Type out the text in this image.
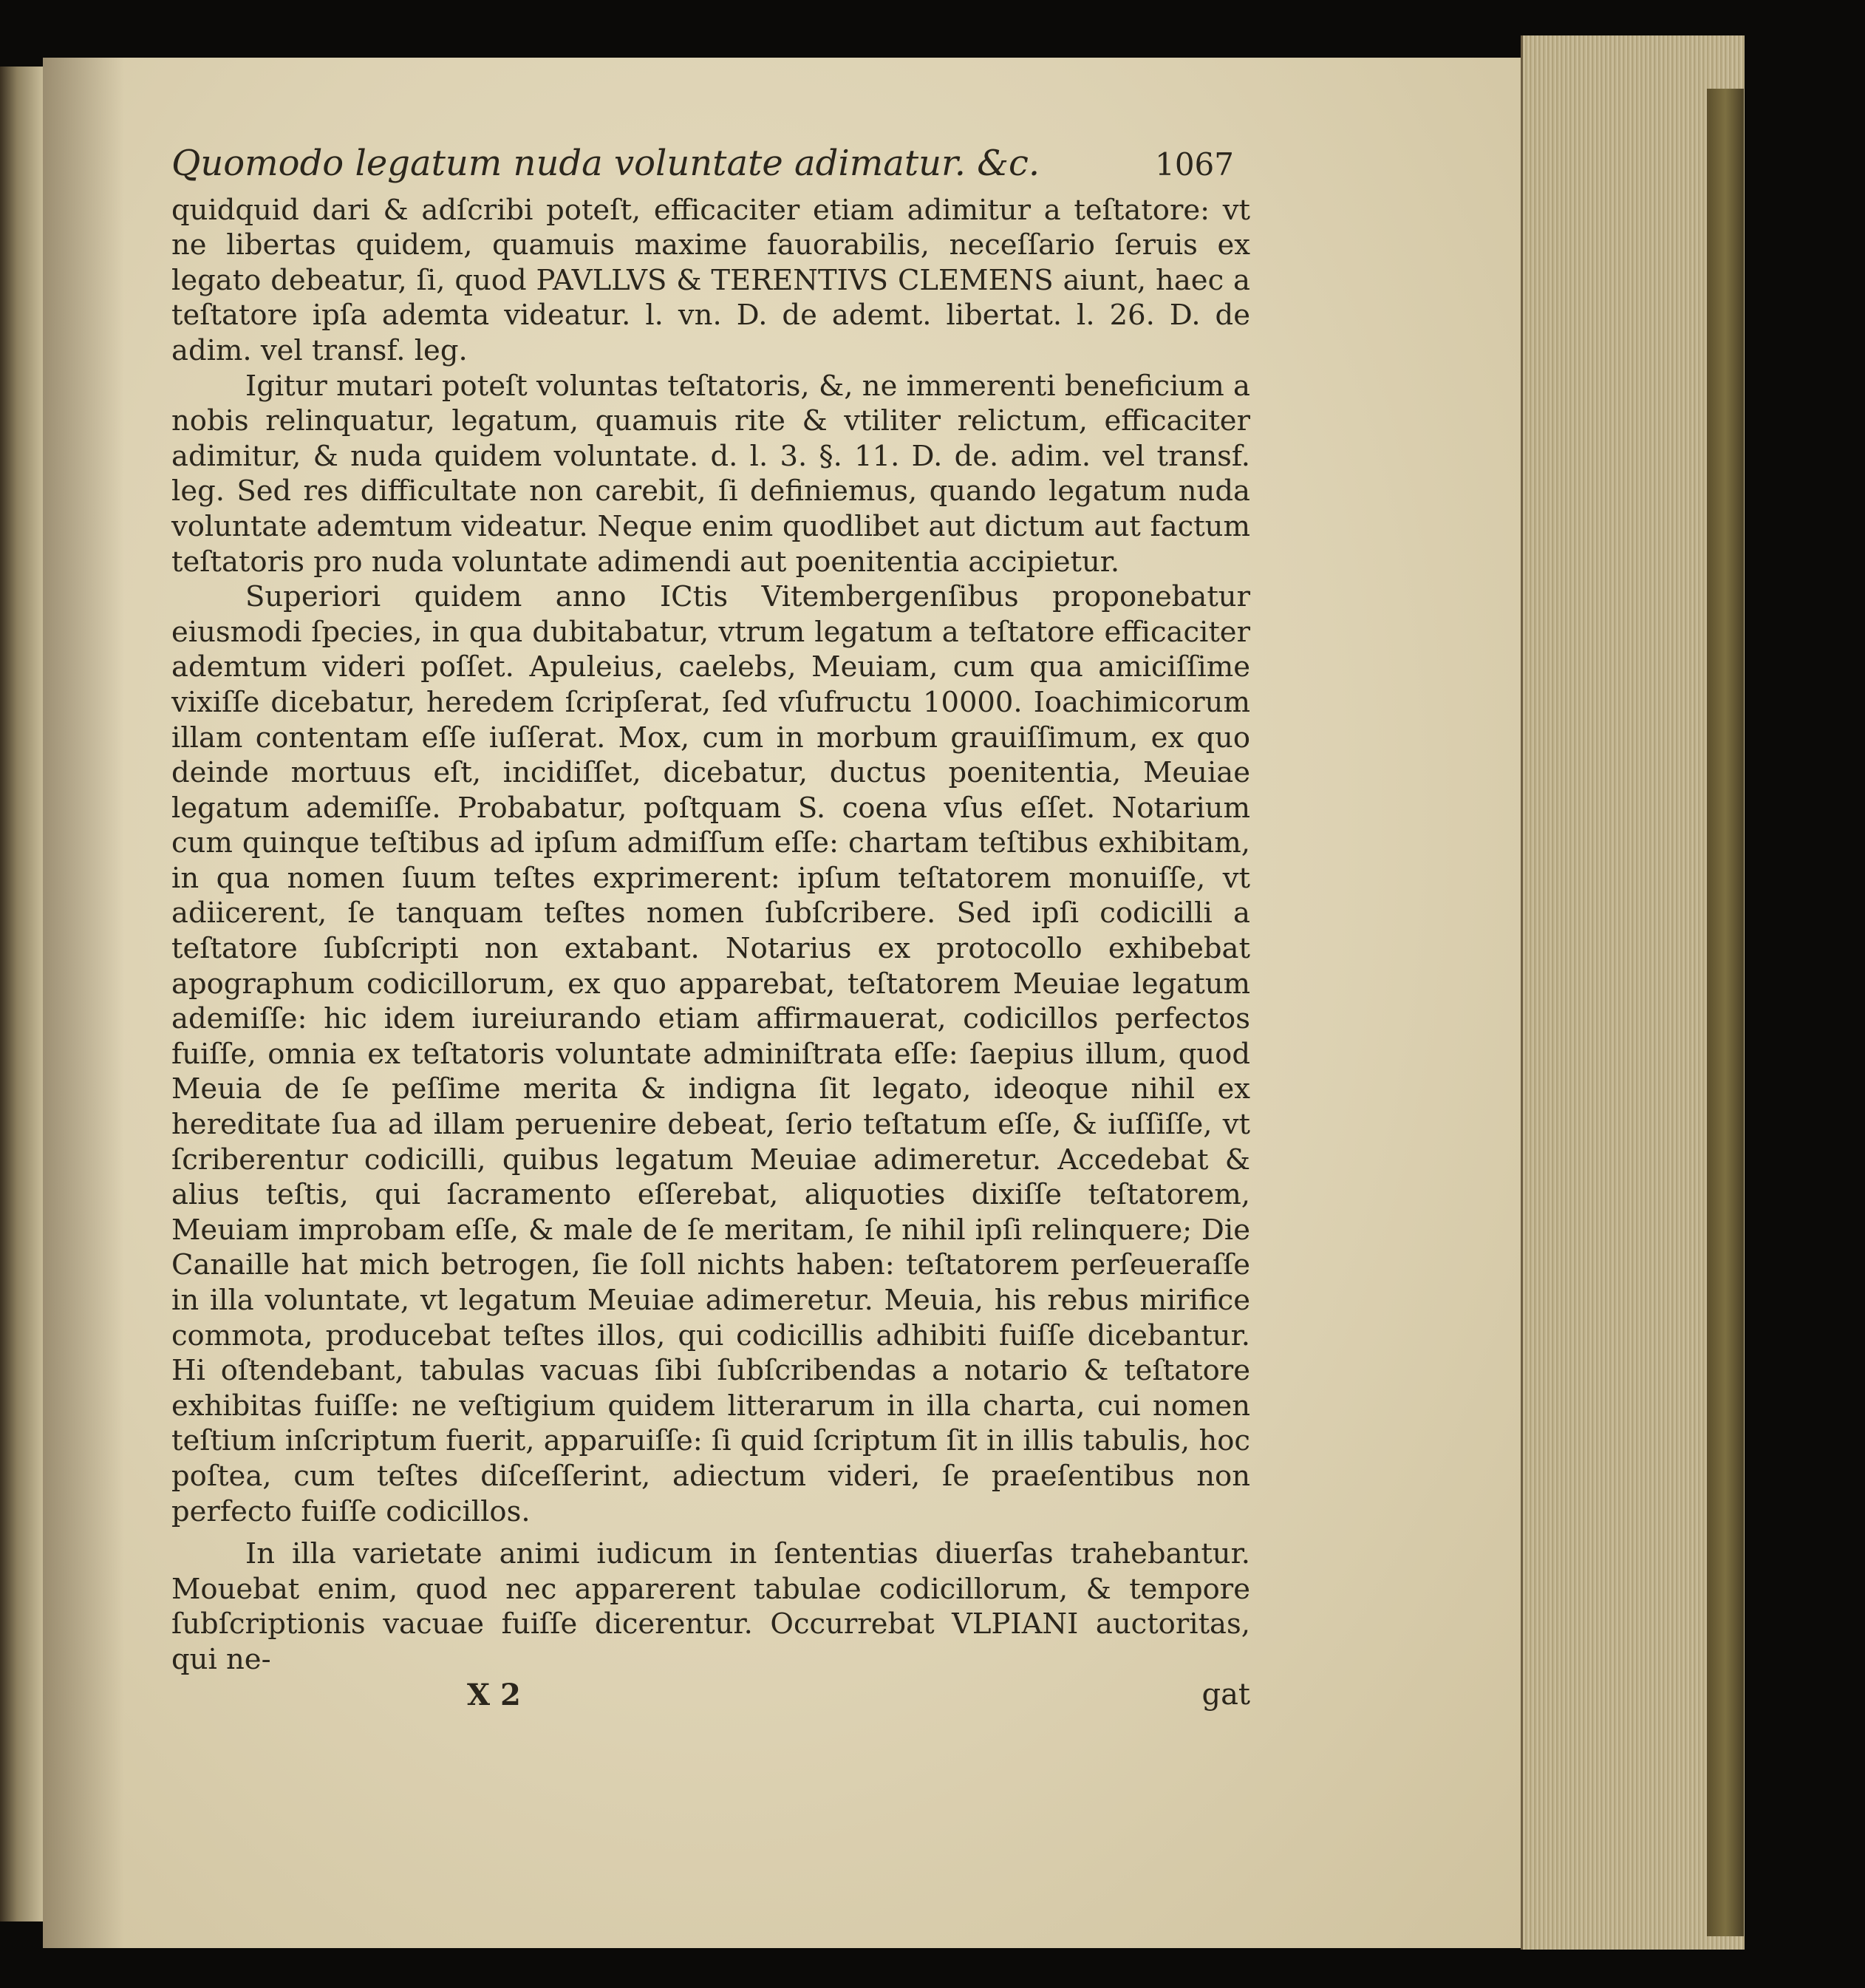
Quomodo legatum nuda voluntate adimatur. &c.	1067

quidquid dari & adſcribi poteſt, efficaciter etiam adimitur a teſtatore: vt ne libertas quidem, quamuis maxime fauorabilis, neceſſario ſeruis ex legato debeatur, ſi, quod PAVLLVS & TERENTIVS CLEMENS aiunt, haec a teſtatore ipſa ademta videatur. l. vn. D. de ademt. libertat. l. 26. D. de adim. vel transf. leg.

Igitur mutari poteſt voluntas teſtatoris, &, ne immerenti beneficium a nobis relinquatur, legatum, quamuis rite & vtiliter relictum, efficaciter adimitur, & nuda quidem voluntate. d. l. 3. §. 11. D. de. adim. vel transf. leg. Sed res difficultate non carebit, ſi definiemus, quando legatum nuda voluntate ademtum videatur. Neque enim quodlibet aut dictum aut factum teſtatoris pro nuda voluntate adimendi aut poenitentia accipietur.

Superiori quidem anno ICtis Vitembergenſibus proponebatur eiusmodi ſpecies, in qua dubitabatur, vtrum legatum a teſtatore efficaciter ademtum videri poſſet. Apuleius, caelebs, Meuiam, cum qua amiciſſime vixiſſe dicebatur, heredem ſcripſerat, ſed vſufructu 10000. Ioachimicorum illam contentam eſſe iuſſerat. Mox, cum in morbum grauiſſimum, ex quo deinde mortuus eſt, incidiſſet, dicebatur, ductus poenitentia, Meuiae legatum ademiſſe. Probabatur, poſtquam S. coena vſus eſſet. Notarium cum quinque teſtibus ad ipſum admiſſum eſſe: chartam teſtibus exhibitam, in qua nomen ſuum teſtes exprimerent: ipſum teſtatorem monuiſſe, vt adiicerent, ſe tanquam teſtes nomen ſubſcribere. Sed ipſi codicilli a teſtatore ſubſcripti non extabant. Notarius ex protocollo exhibebat apographum codicillorum, ex quo apparebat, teſtatorem Meuiae legatum ademiſſe: hic idem iureiurando etiam affirmauerat, codicillos perfectos fuiſſe, omnia ex teſtatoris voluntate adminiſtrata eſſe: ſaepius illum, quod Meuia de ſe peſſime merita & indigna ſit legato, ideoque nihil ex hereditate ſua ad illam peruenire debeat, ſerio teſtatum eſſe, & iuſſiſſe, vt ſcriberentur codicilli, quibus legatum Meuiae adimeretur. Accedebat & alius teſtis, qui ſacramento eſſerebat, aliquoties dixiſſe teſtatorem, Meuiam improbam eſſe, & male de ſe meritam, ſe nihil ipſi relinquere; Die Canaille hat mich betrogen, ſie ſoll nichts haben: teſtatorem perſeueraſſe in illa voluntate, vt legatum Meuiae adimeretur. Meuia, his rebus mirifice commota, producebat teſtes illos, qui codicillis adhibiti fuiſſe dicebantur. Hi oſtendebant, tabulas vacuas ſibi ſubſcribendas a notario & teſtatore exhibitas fuiſſe: ne veſtigium quidem litterarum in illa charta, cui nomen teſtium inſcriptum fuerit, apparuiſſe: ſi quid ſcriptum ſit in illis tabulis, hoc poſtea, cum teſtes diſceſſerint, adiectum videri, ſe praeſentibus non perfecto fuiſſe codicillos.

In illa varietate animi iudicum in ſententias diuerſas trahebantur. Mouebat enim, quod nec apparerent tabulae codicillorum, & tempore ſubſcriptionis vacuae fuiſſe dicerentur. Occurrebat VLPIANI auctoritas, qui ne-

X 2	gat
